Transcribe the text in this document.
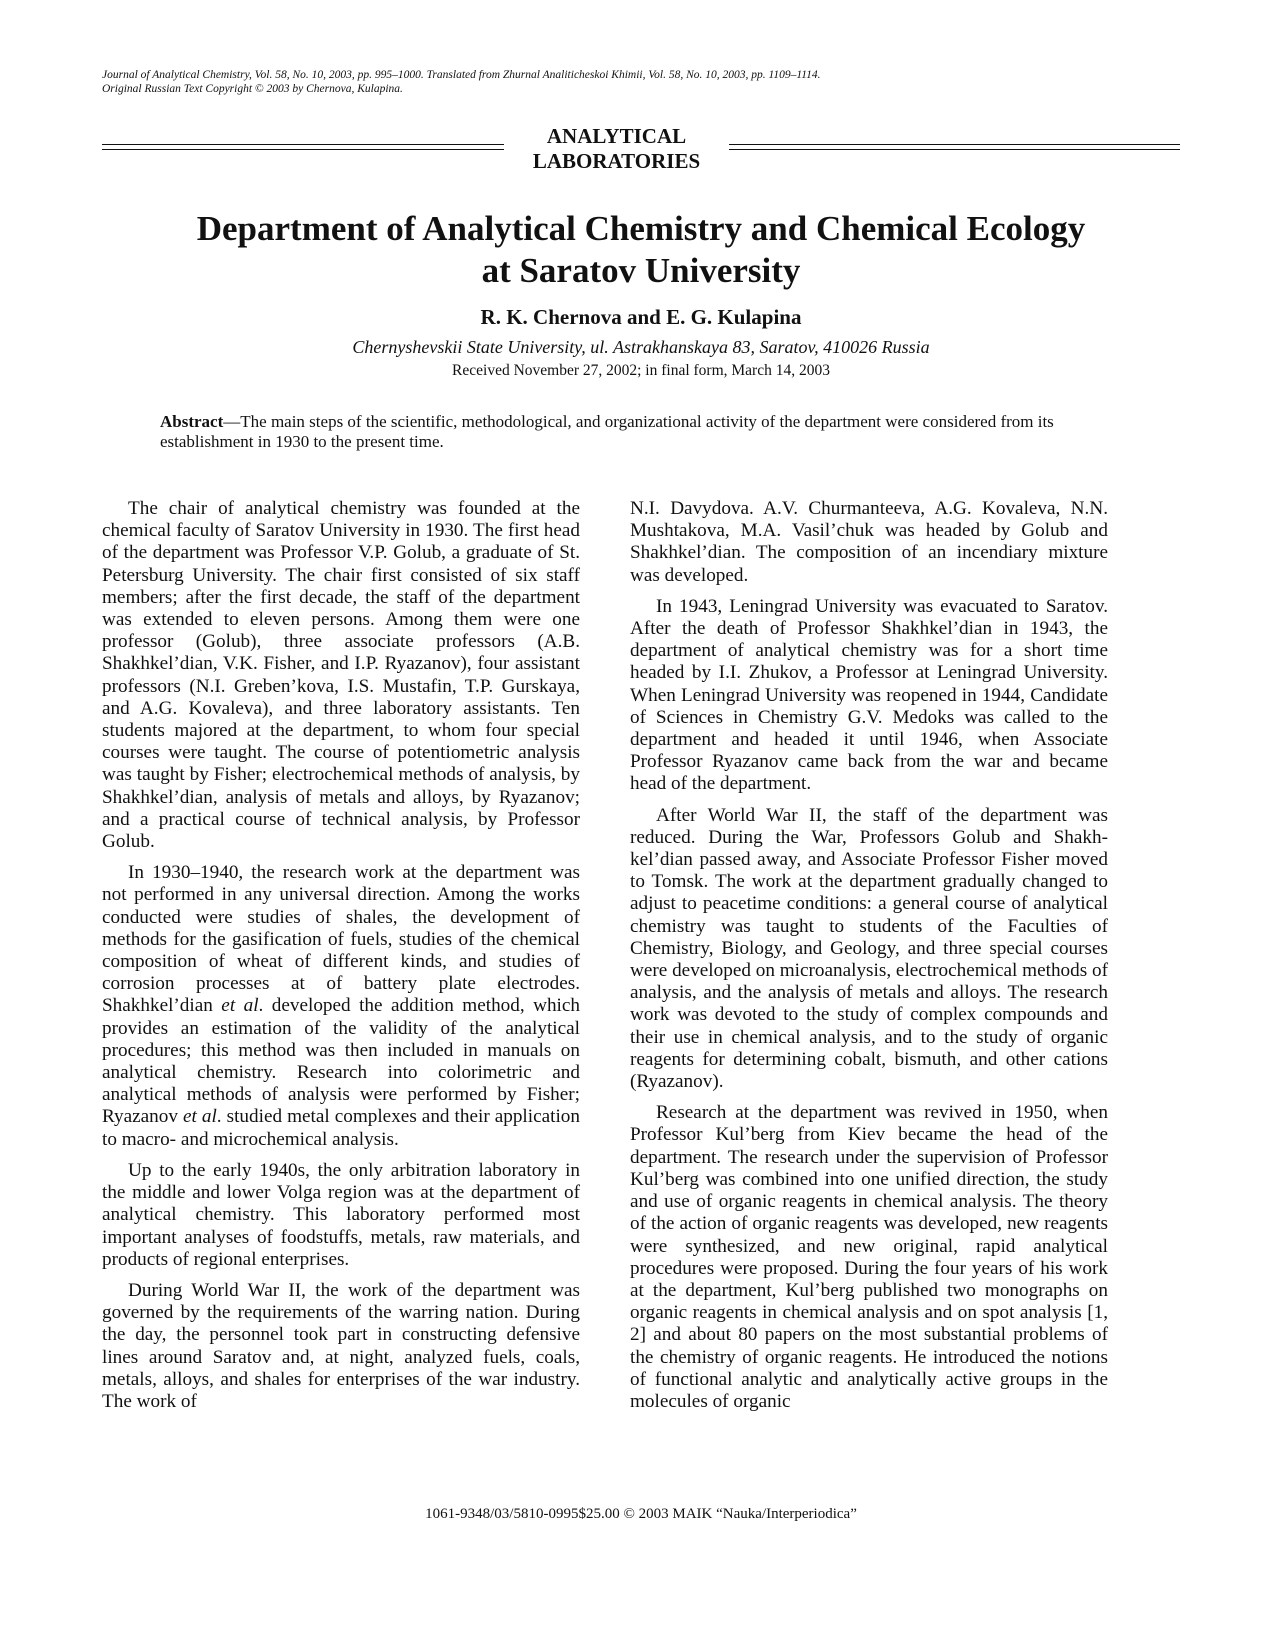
Journal of Analytical Chemistry, Vol. 58, No. 10, 2003, pp. 995–1000. Translated from Zhurnal Analiticheskoi Khimii, Vol. 58, No. 10, 2003, pp. 1109–1114.
Original Russian Text Copyright © 2003 by Chernova, Kulapina.
ANALYTICAL
LABORATORIES
Department of Analytical Chemistry and Chemical Ecology
at Saratov University
R. K. Chernova and E. G. Kulapina
Chernyshevskii State University, ul. Astrakhanskaya 83, Saratov, 410026 Russia
Received November 27, 2002; in final form, March 14, 2003
Abstract—The main steps of the scientific, methodological, and organizational activity of the department were considered from its establishment in 1930 to the present time.

The chair of analytical chemistry was founded at the chemical faculty of Saratov University in 1930. The first head of the department was Professor V.P. Golub, a graduate of St. Petersburg University. The chair first consisted of six staff members; after the first decade, the staff of the department was extended to eleven persons. Among them were one professor (Golub), three associate professors (A.B. Shakhkel’dian, V.K. Fisher, and I.P. Ryazanov), four assistant professors (N.I. Greben’kova, I.S. Mustafin, T.P. Gurskaya, and A.G. Kovaleva), and three laboratory assistants. Ten students majored at the department, to whom four special courses were taught. The course of potentiometric analysis was taught by Fisher; electrochemical methods of analysis, by Shakhkel’dian, analysis of metals and alloys, by Ryazanov; and a practical course of technical analysis, by Professor Golub.

In 1930–1940, the research work at the department was not performed in any universal direction. Among the works conducted were studies of shales, the development of methods for the gasification of fuels, studies of the chemical composition of wheat of different kinds, and studies of corrosion processes at of battery plate electrodes. Shakhkel’dian et al. developed the addition method, which provides an estimation of the validity of the analytical procedures; this method was then included in manuals on analytical chemistry. Research into colorimetric and analytical methods of analysis were performed by Fisher; Ryazanov et al. studied metal complexes and their application to macro- and microchemical analysis.

Up to the early 1940s, the only arbitration laboratory in the middle and lower Volga region was at the department of analytical chemistry. This laboratory performed most important analyses of foodstuffs, metals, raw materials, and products of regional enterprises.

During World War II, the work of the department was governed by the requirements of the warring nation. During the day, the personnel took part in constructing defensive lines around Saratov and, at night, analyzed fuels, coals, metals, alloys, and shales for enterprises of the war industry. The work of

N.I. Davydova. A.V. Churmanteeva, A.G. Kovaleva, N.N. Mushtakova, M.A. Vasil’chuk was headed by Golub and Shakhkel’dian. The composition of an incendiary mixture was developed.

In 1943, Leningrad University was evacuated to Saratov. After the death of Professor Shakhkel’dian in 1943, the department of analytical chemistry was for a short time headed by I.I. Zhukov, a Professor at Leningrad University. When Leningrad University was reopened in 1944, Candidate of Sciences in Chemistry G.V. Medoks was called to the department and headed it until 1946, when Associate Professor Ryazanov came back from the war and became head of the department.

After World War II, the staff of the department was reduced. During the War, Professors Golub and Shakhkel’dian passed away, and Associate Professor Fisher moved to Tomsk. The work at the department gradually changed to adjust to peacetime conditions: a general course of analytical chemistry was taught to students of the Faculties of Chemistry, Biology, and Geology, and three special courses were developed on microanalysis, electrochemical methods of analysis, and the analysis of metals and alloys. The research work was devoted to the study of complex compounds and their use in chemical analysis, and to the study of organic reagents for determining cobalt, bismuth, and other cations (Ryazanov).

Research at the department was revived in 1950, when Professor Kul’berg from Kiev became the head of the department. The research under the supervision of Professor Kul’berg was combined into one unified direction, the study and use of organic reagents in chemical analysis. The theory of the action of organic reagents was developed, new reagents were synthesized, and new original, rapid analytical procedures were proposed. During the four years of his work at the department, Kul’berg published two monographs on organic reagents in chemical analysis and on spot analysis [1, 2] and about 80 papers on the most substantial problems of the chemistry of organic reagents. He introduced the notions of functional analytic and analytically active groups in the molecules of organic

1061-9348/03/5810-0995$25.00 © 2003 MAIK “Nauka/Interperiodica”
